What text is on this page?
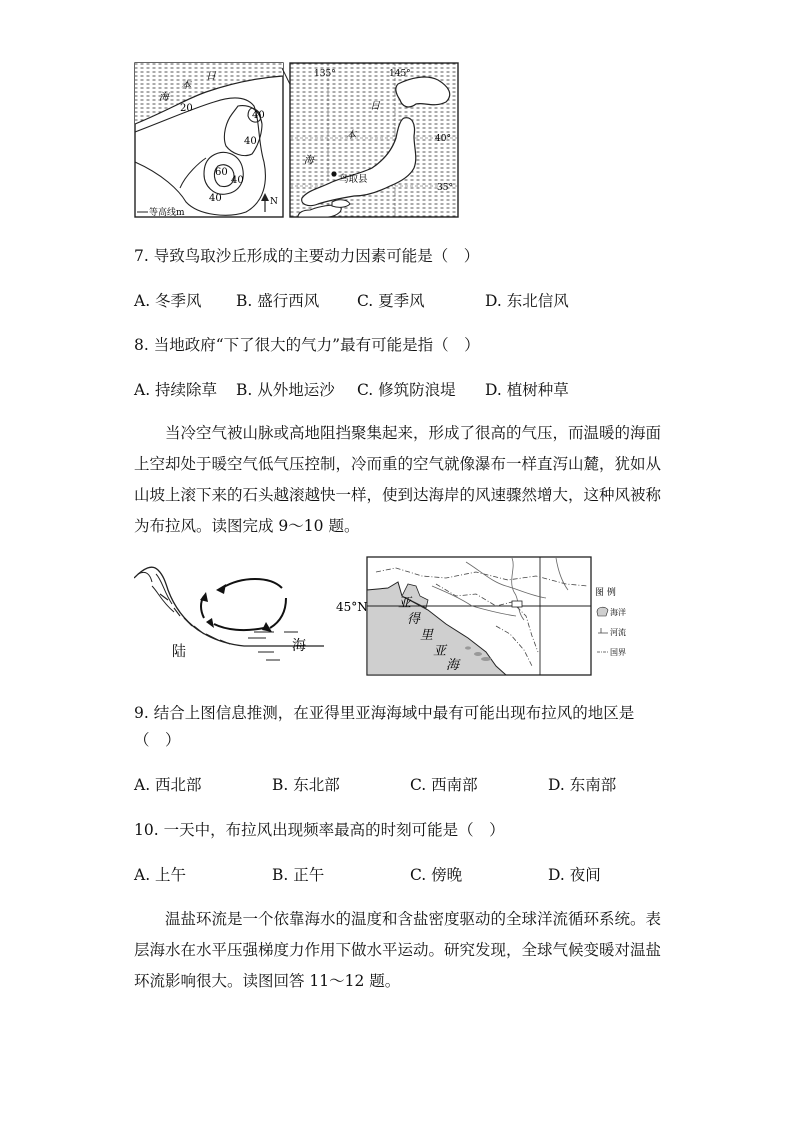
日
本
海
20
40
40
60
40
40	N
等高线m
135°	145°
40°
35°
日
本
海
鸟取县
7. 导致鸟取沙丘形成的主要动力因素可能是（　）
A. 冬季风 B. 盛行西风 C. 夏季风	D. 东北信风
8. 当地政府“下了很大的气力”最有可能是指（　）
A. 持续除草 B. 从外地运沙 C. 修筑防浪堤 D. 植树种草
当冷空气被山脉或高地阻挡聚集起来，形成了很高的气压，而温暖的海面上空却处于暖空气低气压控制，冷而重的空气就像瀑布一样直泻山麓，犹如从山坡上滚下来的石头越滚越快一样，使到达海岸的风速骤然增大，这种风被称为布拉风。读图完成 9～10 题。
陆	海
45°N 亚
得
里
亚
海
图 例
海洋
河流
国界
9. 结合上图信息推测，在亚得里亚海海域中最有可能出现布拉风的地区是
（　）
A. 西北部	B. 东北部	C. 西南部	D. 东南部
10. 一天中，布拉风出现频率最高的时刻可能是（　）
A. 上午	B. 正午	C. 傍晚	D. 夜间
温盐环流是一个依靠海水的温度和含盐密度驱动的全球洋流循环系统。表层海水在水平压强梯度力作用下做水平运动。研究发现，全球气候变暖对温盐环流影响很大。读图回答 11～12 题。
